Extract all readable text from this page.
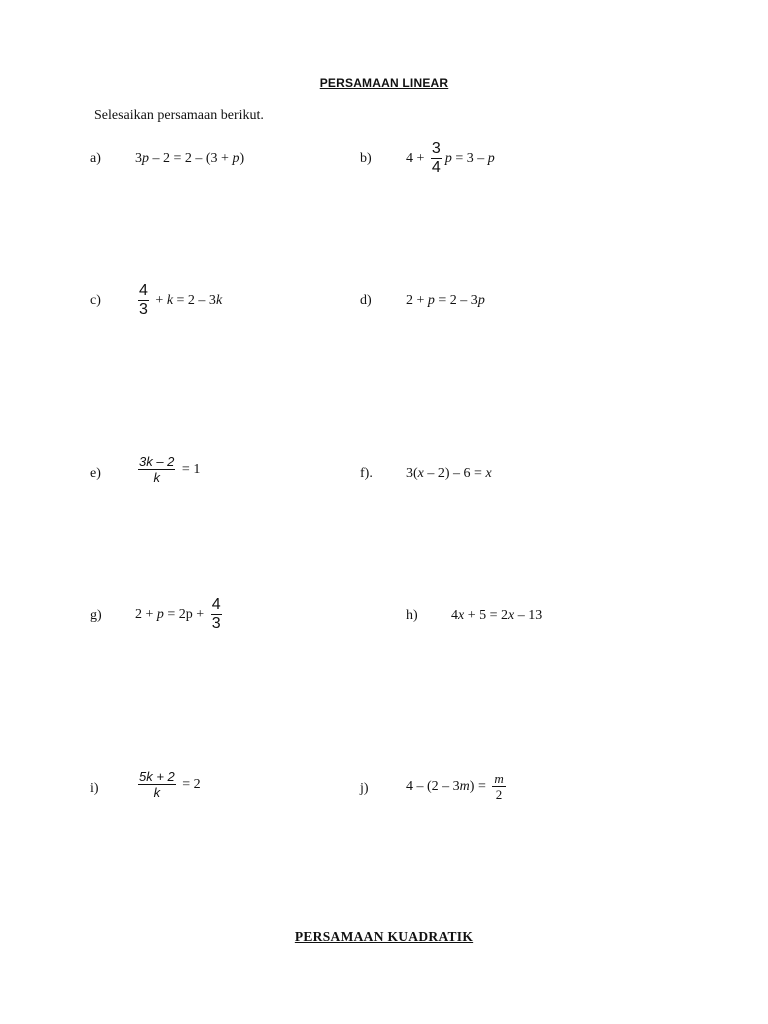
PERSAMAAN LINEAR
Selesaikan persamaan berikut.
a) 3 p – 2 = 2 – (3 + p )	b) $4 + \frac{3}{4}$ p = 3 – p
$c) \frac{4}{3} + k = 2 - 3$ k	d) 2 + p = 2 – 3 p
e)	$\frac{3k - 2}{k} = 1$	f). 3( x – 2) – 6 = x
g) $2 + p = 2p + \frac{4}{3}$	h) 4 x + 5 = 2 x – 13
i)	$\frac{5k + 2}{k} = 2$	j)	4 – (2 – 3 m ) = $\frac{m}{2}$
PERSAMAAN KUADRATIK
